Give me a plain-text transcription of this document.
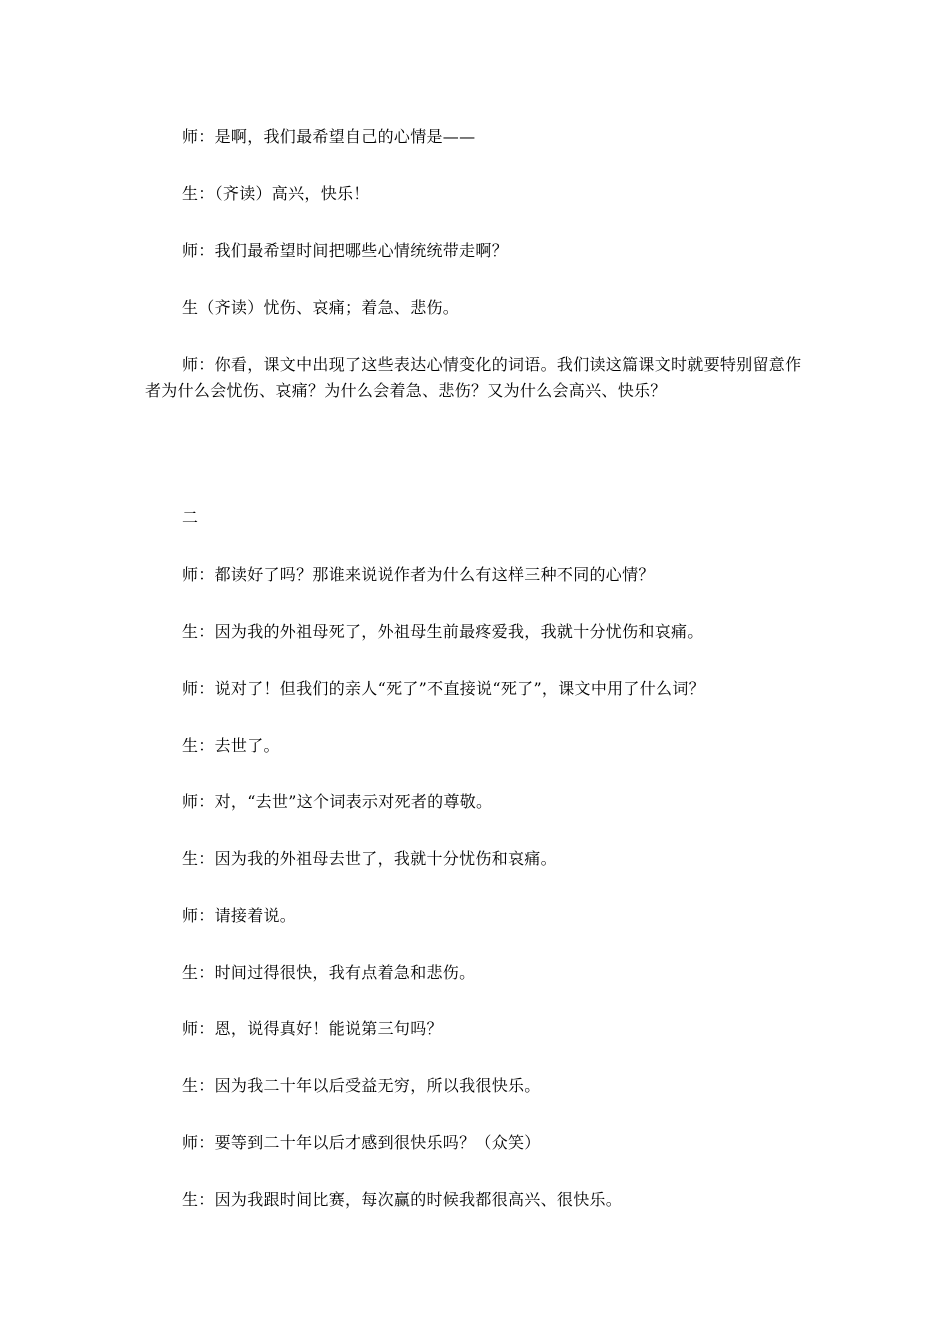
师：是啊，我们最希望自己的心情是——

生：（齐读）高兴，快乐！

师：我们最希望时间把哪些心情统统带走啊？

生（齐读）忧伤、哀痛；着急、悲伤。

师：你看，课文中出现了这些表达心情变化的词语。我们读这篇课文时就要特别留意作者为什么会忧伤、哀痛？为什么会着急、悲伤？又为什么会高兴、快乐？

二

师：都读好了吗？那谁来说说作者为什么有这样三种不同的心情？

生：因为我的外祖母死了，外祖母生前最疼爱我，我就十分忧伤和哀痛。

师：说对了！但我们的亲人“死了”不直接说“死了”，课文中用了什么词？

生：去世了。

师：对，“去世”这个词表示对死者的尊敬。

生：因为我的外祖母去世了，我就十分忧伤和哀痛。

师：请接着说。

生：时间过得很快，我有点着急和悲伤。

师：恩，说得真好！能说第三句吗？

生：因为我二十年以后受益无穷，所以我很快乐。

师：要等到二十年以后才感到很快乐吗？（众笑）

生：因为我跟时间比赛，每次赢的时候我都很高兴、很快乐。
